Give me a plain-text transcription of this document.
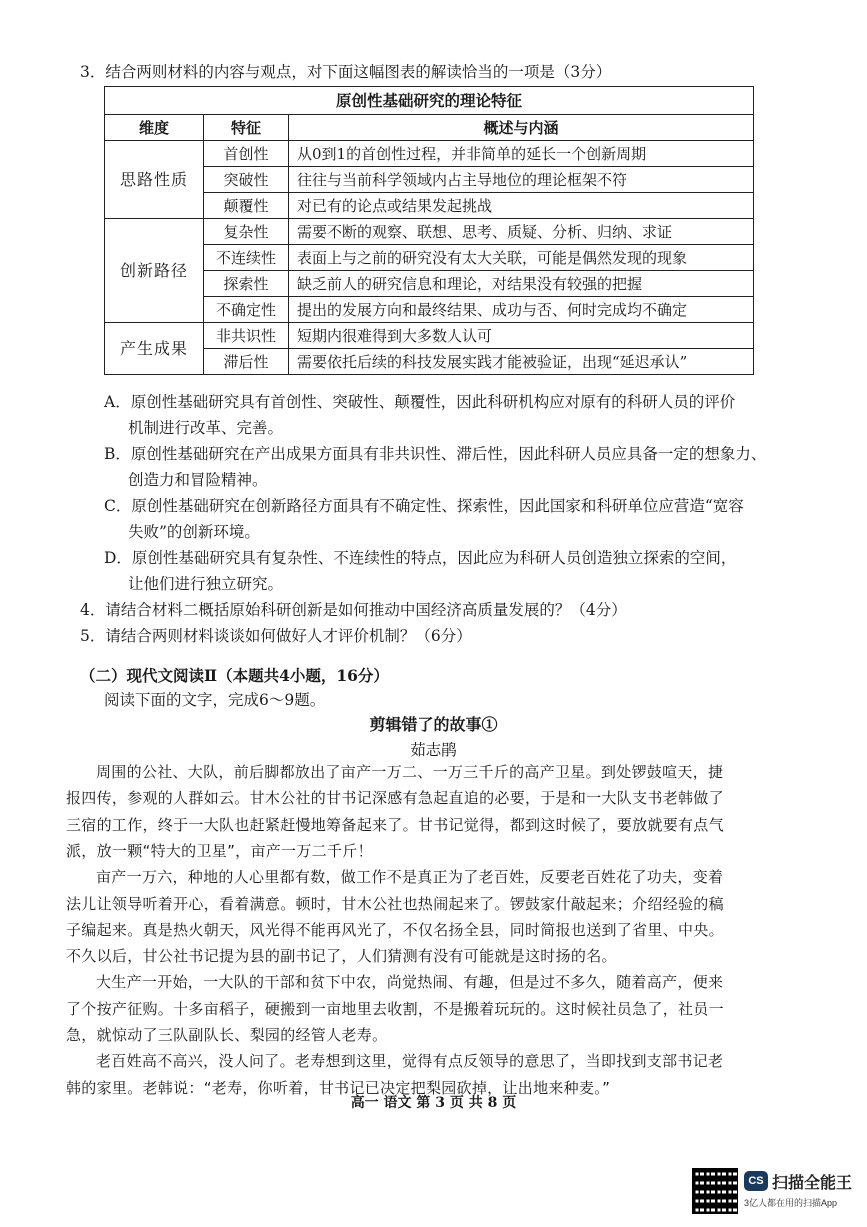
3．结合两则材料的内容与观点，对下面这幅图表的解读恰当的一项是（3分）
原创性基础研究的理论特征		
维度	特征	概述与内涵
思路性质	首创性	从0到1的首创性过程，并非简单的延长一个创新周期
	突破性	往往与当前科学领域内占主导地位的理论框架不符
	颠覆性	对已有的论点或结果发起挑战
创新路径	复杂性	需要不断的观察、联想、思考、质疑、分析、归纳、求证
	不连续性	表面上与之前的研究没有太大关联，可能是偶然发现的现象
	探索性	缺乏前人的研究信息和理论，对结果没有较强的把握
	不确定性	提出的发展方向和最终结果、成功与否、何时完成均不确定
产生成果	非共识性	短期内很难得到大多数人认可
	滞后性	需要依托后续的科技发展实践才能被验证，出现“延迟承认”
A．原创性基础研究具有首创性、突破性、颠覆性，因此科研机构应对原有的科研人员的评价
机制进行改革、完善。
B．原创性基础研究在产出成果方面具有非共识性、滞后性，因此科研人员应具备一定的想象力、
创造力和冒险精神。
C．原创性基础研究在创新路径方面具有不确定性、探索性，因此国家和科研单位应营造“宽容
失败”的创新环境。
D．原创性基础研究具有复杂性、不连续性的特点，因此应为科研人员创造独立探索的空间，
让他们进行独立研究。
4．请结合材料二概括原始科研创新是如何推动中国经济高质量发展的？（4分）
5．请结合两则材料谈谈如何做好人才评价机制？（6分）
（二）现代文阅读Ⅱ（本题共4小题，16分）
阅读下面的文字，完成6～9题。
剪辑错了的故事①
茹志鹃
周围的公社、大队，前后脚都放出了亩产一万二、一万三千斤的高产卫星。到处锣鼓喧天，捷
报四传，参观的人群如云。甘木公社的甘书记深感有急起直追的必要，于是和一大队支书老韩做了
三宿的工作，终于一大队也赶紧赶慢地筹备起来了。甘书记觉得，都到这时候了，要放就要有点气
派，放一颗“特大的卫星”，亩产一万二千斤！
亩产一万六，种地的人心里都有数，做工作不是真正为了老百姓，反要老百姓花了功夫，变着
法儿让领导听着开心，看着满意。顿时，甘木公社也热闹起来了。锣鼓家什敲起来；介绍经验的稿
子编起来。真是热火朝天，风光得不能再风光了，不仅名扬全县，同时简报也送到了省里、中央。
不久以后，甘公社书记提为县的副书记了，人们猜测有没有可能就是这时扬的名。
大生产一开始，一大队的干部和贫下中农，尚觉热闹、有趣，但是过不多久，随着高产，便来
了个按产征购。十多亩稻子，硬搬到一亩地里去收割，不是搬着玩玩的。这时候社员急了，社员一
急，就惊动了三队副队长、梨园的经管人老寿。
老百姓高不高兴，没人问了。老寿想到这里，觉得有点反领导的意思了，当即找到支部书记老
韩的家里。老韩说：“老寿，你听着，甘书记已决定把梨园砍掉，让出地来种麦。”
高一 语文 第 3 页 共 8 页
CS 扫描全能王
3亿人都在用的扫描App
